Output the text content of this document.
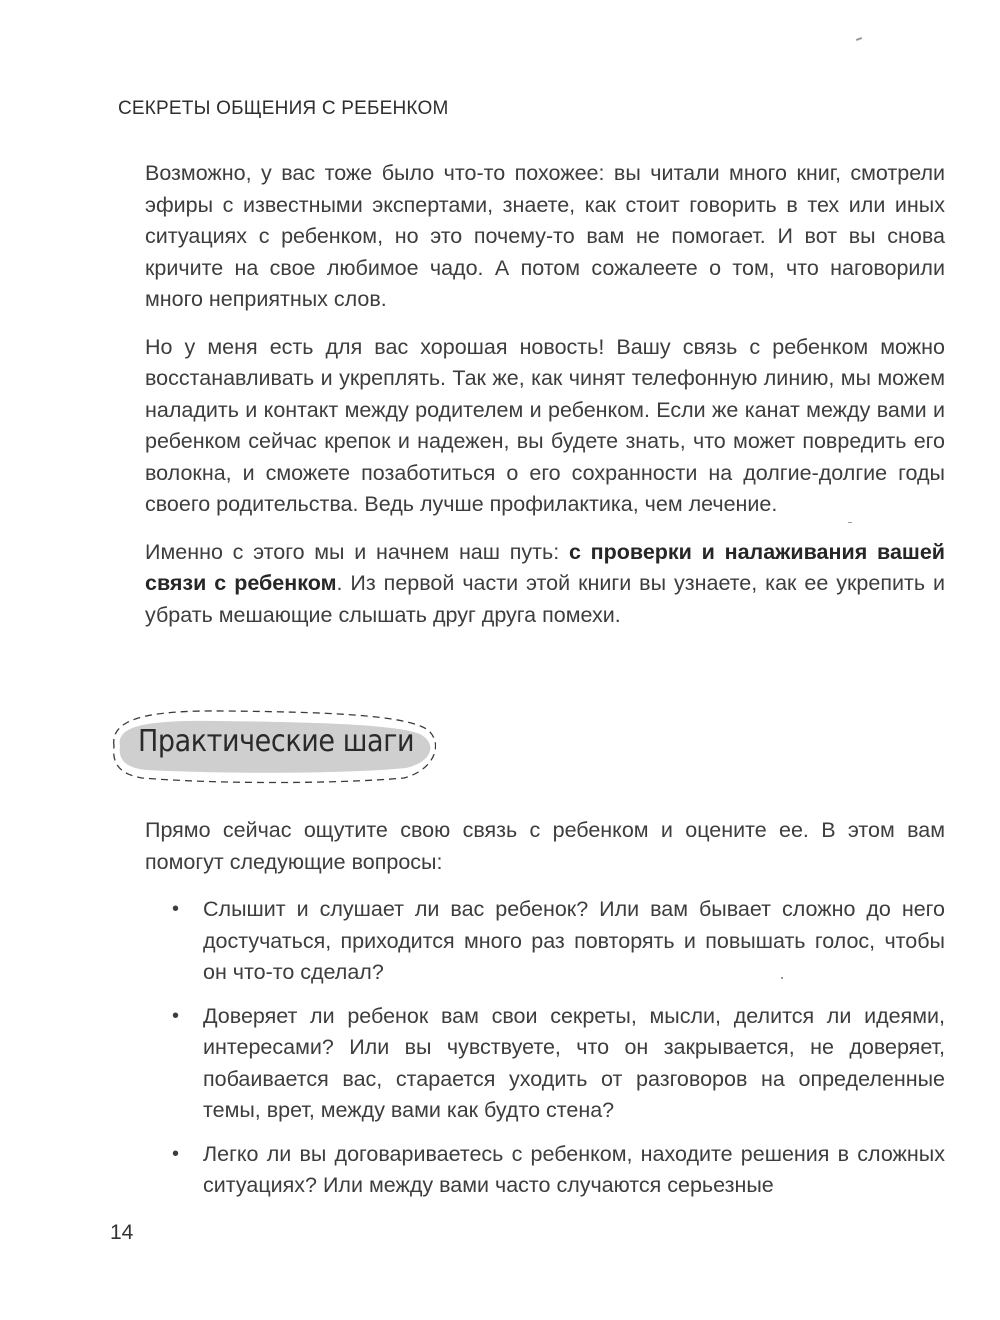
СЕКРЕТЫ ОБЩЕНИЯ С РЕБЕНКОМ

Возможно, у вас тоже было что-то похожее: вы читали много книг, смотрели эфиры с известными экспертами, знаете, как стоит говорить в тех или иных ситуациях с ребенком, но это почему-то вам не помогает. И вот вы снова кричите на свое любимое чадо. А потом сожалеете о том, что наговорили много неприятных слов.

Но у меня есть для вас хорошая новость! Вашу связь с ребенком можно восстанавливать и укреплять. Так же, как чинят телефонную линию, мы можем наладить и контакт между родителем и ребенком. Если же канат между вами и ребенком сейчас крепок и надежен, вы будете знать, что может повредить его волокна, и сможете позаботиться о его сохранности на долгие-долгие годы своего родительства. Ведь лучше профилактика, чем лечение.

Именно с этого мы и начнем наш путь: с проверки и налаживания вашей связи с ребенком. Из первой части этой книги вы узнаете, как ее укрепить и убрать мешающие слышать друг друга помехи.

Практические шаги

Прямо сейчас ощутите свою связь с ребенком и оцените ее. В этом вам помогут следующие вопросы:

• Слышит и слушает ли вас ребенок? Или вам бывает сложно до него достучаться, приходится много раз повторять и повышать голос, чтобы он что-то сделал?
• Доверяет ли ребенок вам свои секреты, мысли, делится ли идеями, интересами? Или вы чувствуете, что он закрывается, не доверяет, побаивается вас, старается уходить от разговоров на определенные темы, врет, между вами как будто стена?
• Легко ли вы договариваетесь с ребенком, находите решения в сложных ситуациях? Или между вами часто случаются серьезные
14
